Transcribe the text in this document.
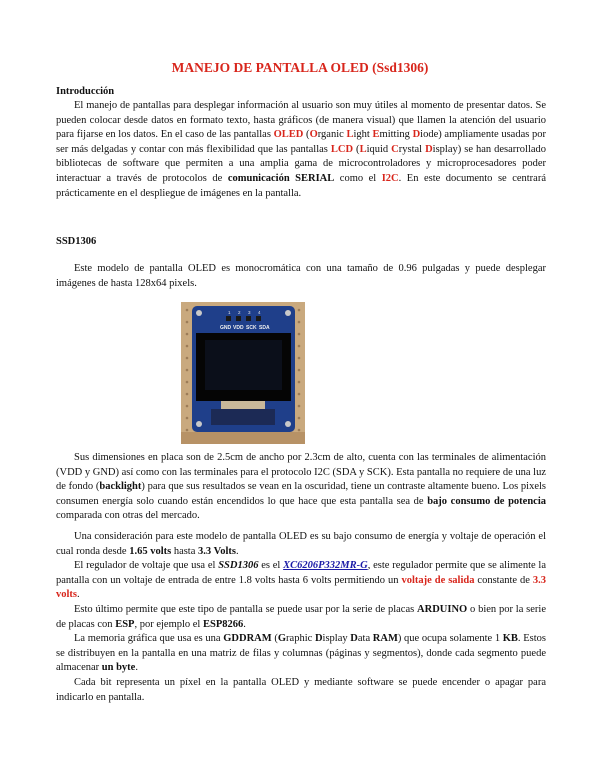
MANEJO DE PANTALLA OLED (Ssd1306)
Introducción

El manejo de pantallas para desplegar información al usuario son muy útiles al momento de presentar datos. Se pueden colocar desde datos en formato texto, hasta gráficos (de manera visual) que llamen la atención del usuario para fijarse en los datos. En el caso de las pantallas OLED (Organic Light Emitting Diode) ampliamente usadas por ser más delgadas y contar con más flexibilidad que las pantallas LCD (Liquid Crystal Display) se han desarrollado bibliotecas de software que permiten a una amplia gama de microcontroladores y microprocesadores poder interactuar a través de protocolos de comunicación SERIAL como el I2C. En este documento se centrará prácticamente en el despliegue de imágenes en la pantalla.

SSD1306

Este modelo de pantalla OLED es monocromática con una tamaño de 0.96 pulgadas y puede desplegar imágenes de hasta 128x64 pixels.

1 2 3 4
GND VDD SCK SDA

Sus dimensiones en placa son de 2.5cm de ancho por 2.3cm de alto, cuenta con las terminales de alimentación (VDD y GND) así como con las terminales para el protocolo I2C (SDA y SCK). Esta pantalla no requiere de una luz de fondo (backlight) para que sus resultados se vean en la oscuridad, tiene un contraste altamente bueno. Los pixels consumen energía solo cuando están encendidos lo que hace que esta pantalla sea de bajo consumo de potencia comparada con otras del mercado.

Una consideración para este modelo de pantalla OLED es su bajo consumo de energía y voltaje de operación el cual ronda desde 1.65 volts hasta 3.3 Volts.

El regulador de voltaje que usa el SSD1306 es el XC6206P332MR-G, este regulador permite que se alimente la pantalla con un voltaje de entrada de entre 1.8 volts hasta 6 volts permitiendo un voltaje de salida constante de 3.3 volts.

Esto último permite que este tipo de pantalla se puede usar por la serie de placas ARDUINO o bien por la serie de placas con ESP, por ejemplo el ESP8266.

La memoria gráfica que usa es una GDDRAM (Graphic Display Data RAM) que ocupa solamente 1 KB. Estos se distribuyen en la pantalla en una matriz de filas y columnas (páginas y segmentos), donde cada segmento puede almacenar un byte.

Cada bit representa un píxel en la pantalla OLED y mediante software se puede encender o apagar para indicarlo en pantalla.
